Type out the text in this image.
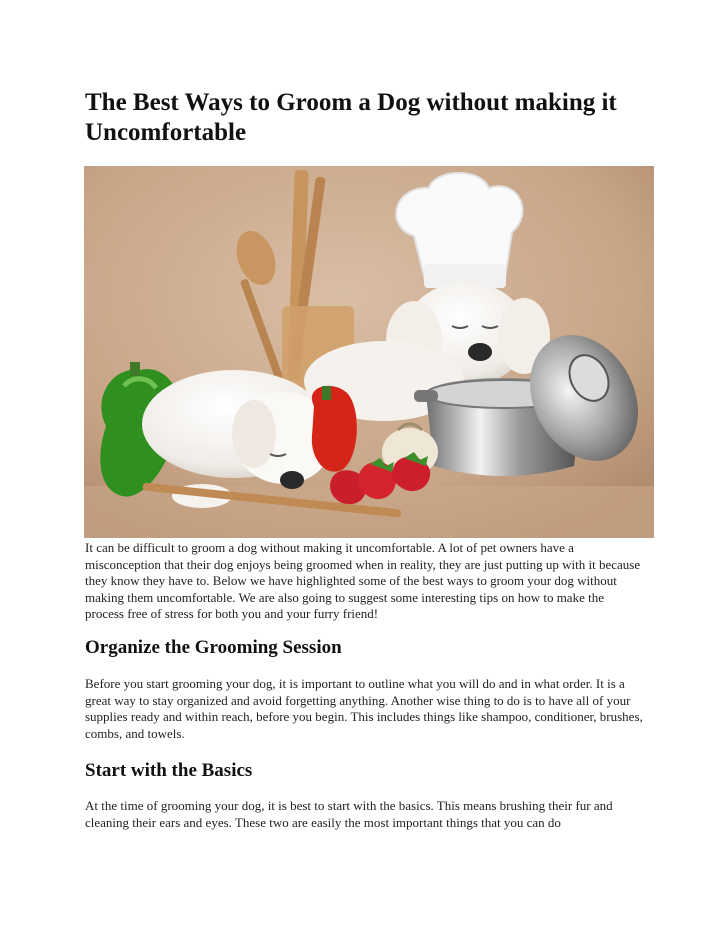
The Best Ways to Groom a Dog without making it Uncomfortable

It can be difficult to groom a dog without making it uncomfortable. A lot of pet owners have a misconception that their dog enjoys being groomed when in reality, they are just putting up with it because they know they have to. Below we have highlighted some of the best ways to groom your dog without making them uncomfortable. We are also going to suggest some interesting tips on how to make the process free of stress for both you and your furry friend!

Organize the Grooming Session

Before you start grooming your dog, it is important to outline what you will do and in what order. It is a great way to stay organized and avoid forgetting anything. Another wise thing to do is to have all of your supplies ready and within reach, before you begin. This includes things like shampoo, conditioner, brushes, combs, and towels.

Start with the Basics

At the time of grooming your dog, it is best to start with the basics. This means brushing their fur and cleaning their ears and eyes. These two are easily the most important things that you can do
